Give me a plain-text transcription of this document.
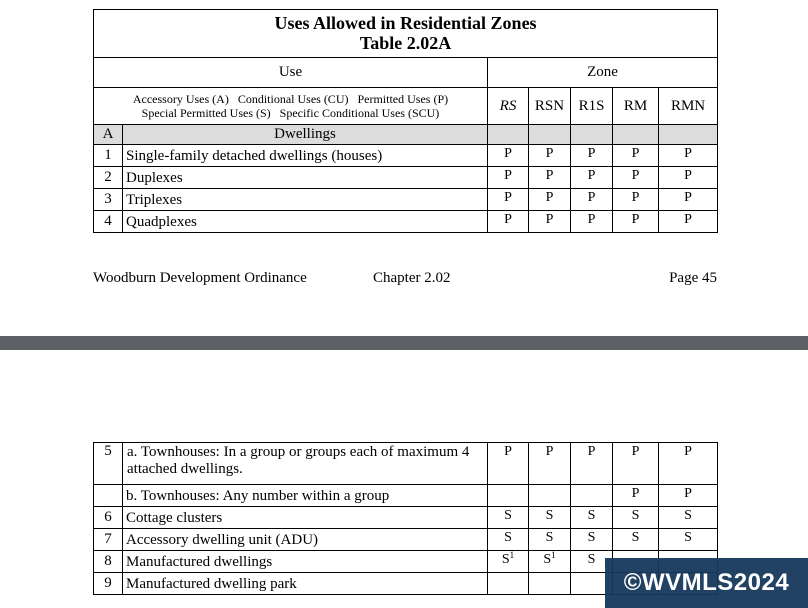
Uses Allowed in Residential Zones
Table 2.02A						

Use		Zone				

Accessory Uses (A)   Conditional Uses (CU)   Permitted Uses (P)
Special Permitted Uses (S)   Specific Conditional Uses (SCU)		RS	RSN	R1S	RM	RMN
A	Dwellings					
1	Single-family detached dwellings (houses)	P	P	P	P	P
2	Duplexes	P	P	P	P	P
3	Triplexes	P	P	P	P	P
4	Quadplexes	P	P	P	P	P
Woodburn Development Ordinance	Chapter 2.02	Page 45
5	a. Townhouses: In a group or groups each of maximum 4 attached dwellings.	P	P	P	P	P
	b. Townhouses: Any number within a group				P	P
6	Cottage clusters	S	S	S	S	S
7	Accessory dwelling unit (ADU)	S	S	S	S	S
8	Manufactured dwellings	$S^1$	$S^1$	S		
9	Manufactured dwelling park						©WVMLS2024
